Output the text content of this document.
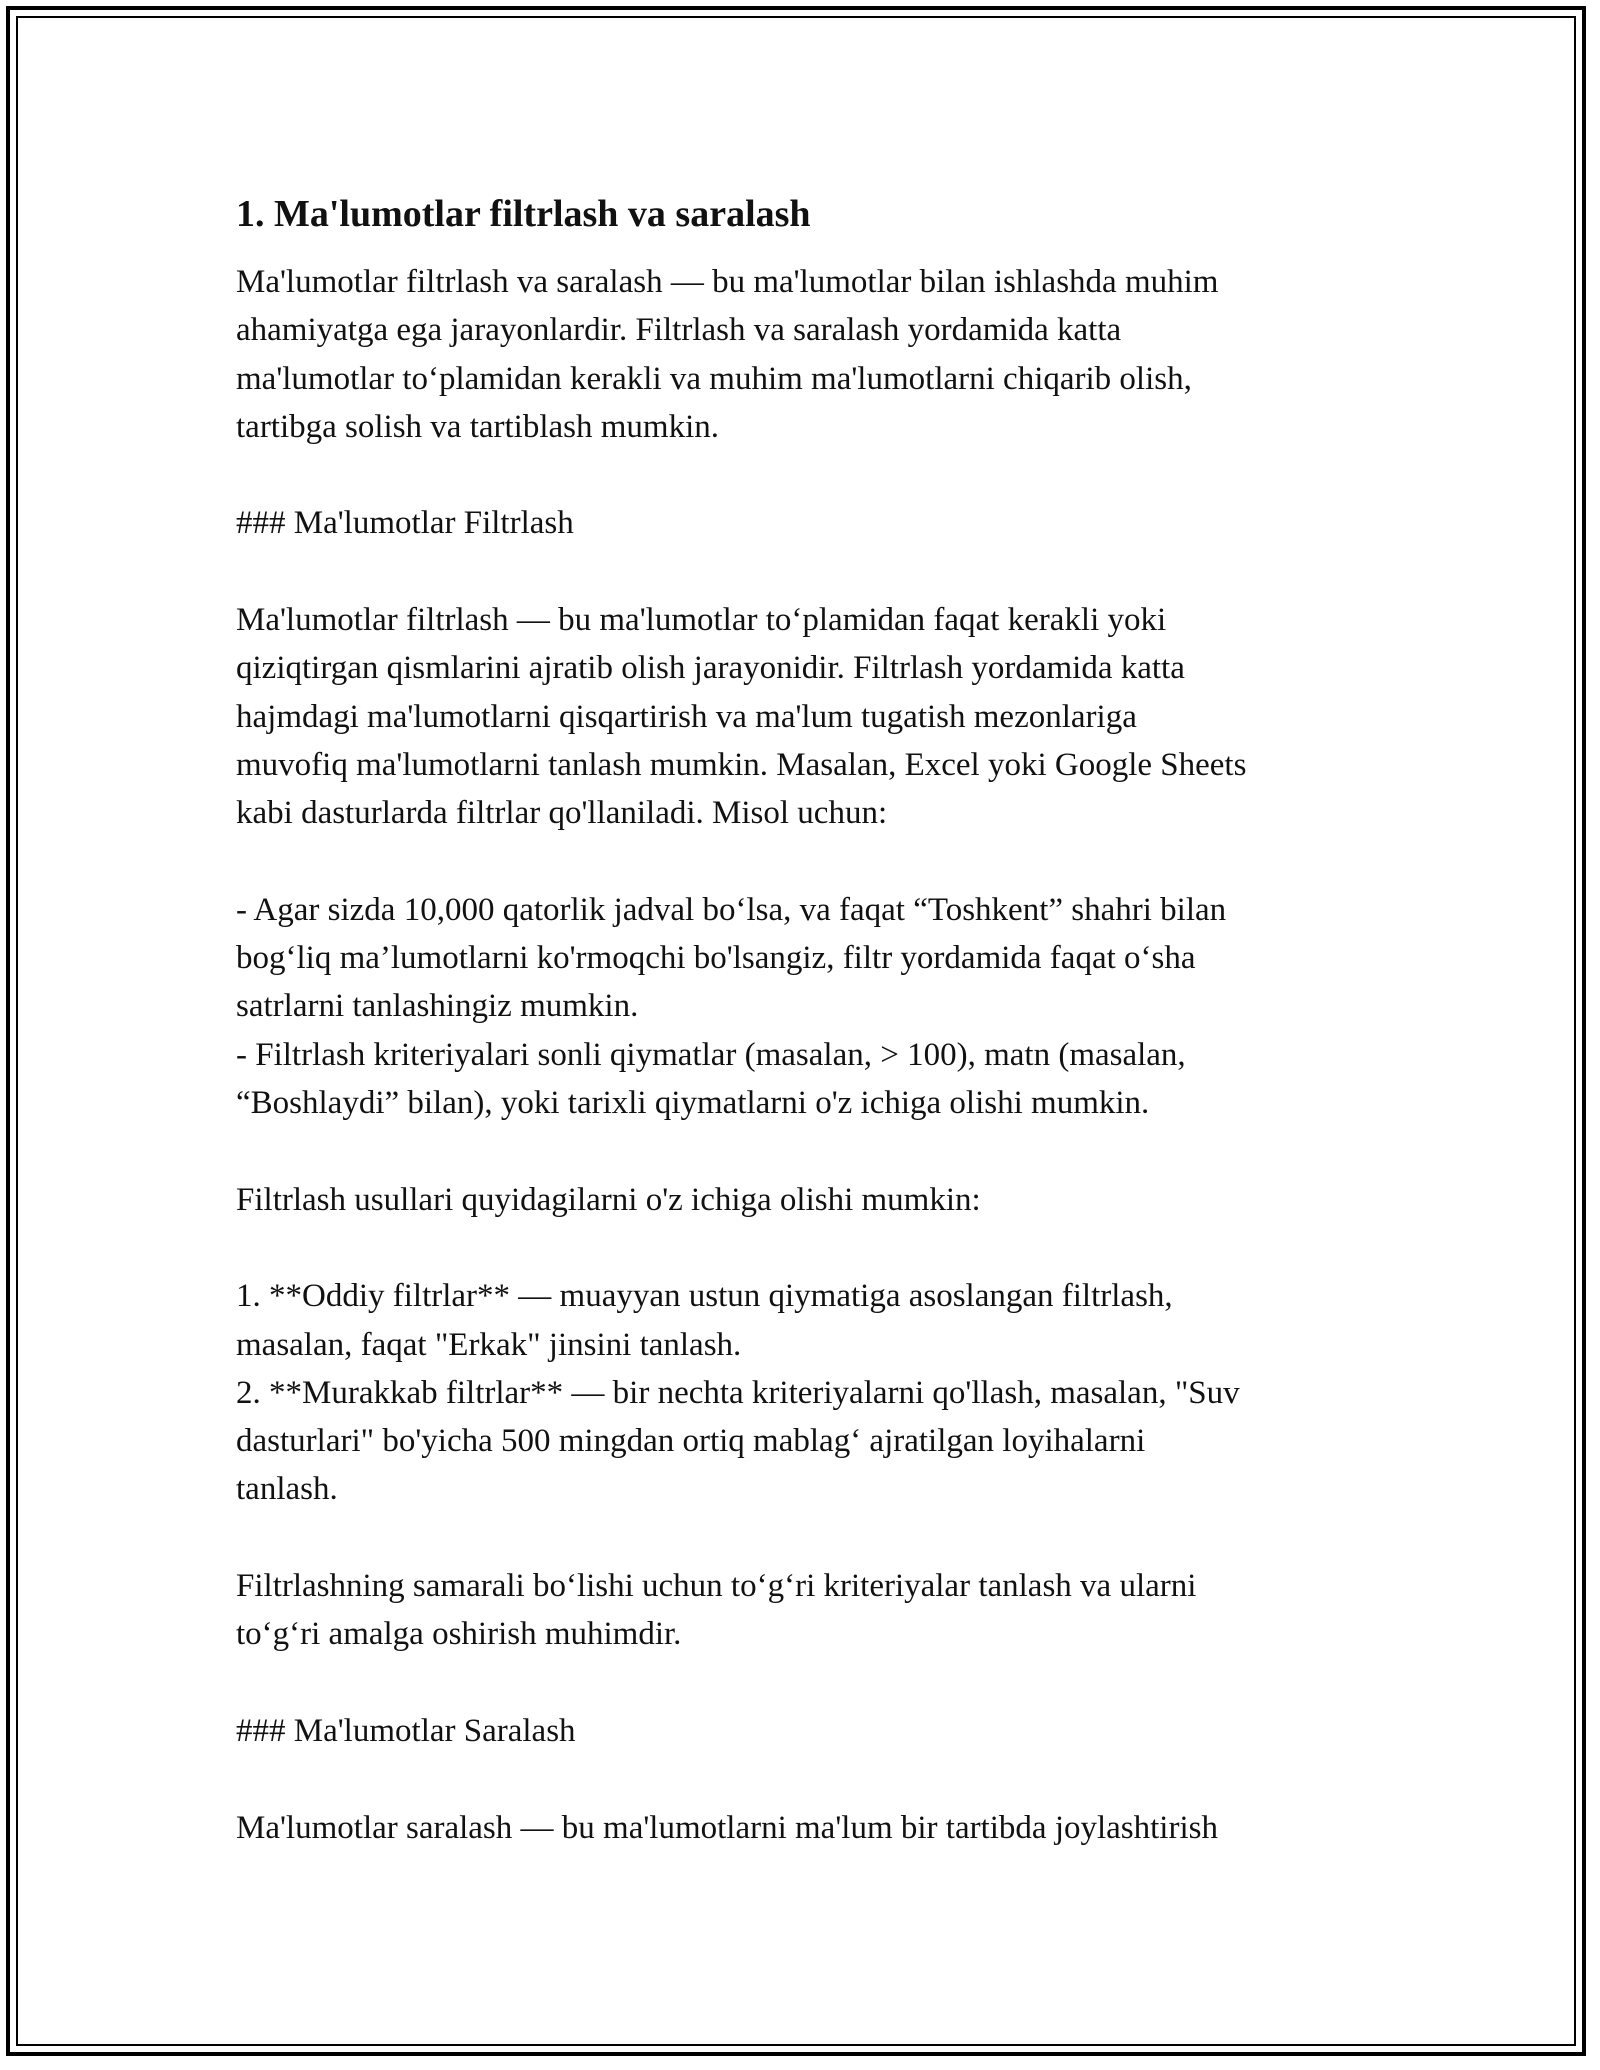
1. Ma'lumotlar filtrlash va saralash
Ma'lumotlar filtrlash va saralash — bu ma'lumotlar bilan ishlashda muhim
ahamiyatga ega jarayonlardir. Filtrlash va saralash yordamida katta
ma'lumotlar to‘plamidan kerakli va muhim ma'lumotlarni chiqarib olish,
tartibga solish va tartiblash mumkin.
### Ma'lumotlar Filtrlash
Ma'lumotlar filtrlash — bu ma'lumotlar to‘plamidan faqat kerakli yoki
qiziqtirgan qismlarini ajratib olish jarayonidir. Filtrlash yordamida katta
hajmdagi ma'lumotlarni qisqartirish va ma'lum tugatish mezonlariga
muvofiq ma'lumotlarni tanlash mumkin. Masalan, Excel yoki Google Sheets
kabi dasturlarda filtrlar qo'llaniladi. Misol uchun:
- Agar sizda 10,000 qatorlik jadval bo‘lsa, va faqat “Toshkent” shahri bilan
bog‘liq ma’lumotlarni ko'rmoqchi bo'lsangiz, filtr yordamida faqat o‘sha
satrlarni tanlashingiz mumkin.
- Filtrlash kriteriyalari sonli qiymatlar (masalan, > 100), matn (masalan,
“Boshlaydi” bilan), yoki tarixli qiymatlarni o'z ichiga olishi mumkin.
Filtrlash usullari quyidagilarni o'z ichiga olishi mumkin:
1. **Oddiy filtrlar** — muayyan ustun qiymatiga asoslangan filtrlash,
masalan, faqat "Erkak" jinsini tanlash.
2. **Murakkab filtrlar** — bir nechta kriteriyalarni qo'llash, masalan, "Suv
dasturlari" bo'yicha 500 mingdan ortiq mablag‘ ajratilgan loyihalarni
tanlash.
Filtrlashning samarali bo‘lishi uchun to‘g‘ri kriteriyalar tanlash va ularni
to‘g‘ri amalga oshirish muhimdir.
### Ma'lumotlar Saralash
Ma'lumotlar saralash — bu ma'lumotlarni ma'lum bir tartibda joylashtirish
